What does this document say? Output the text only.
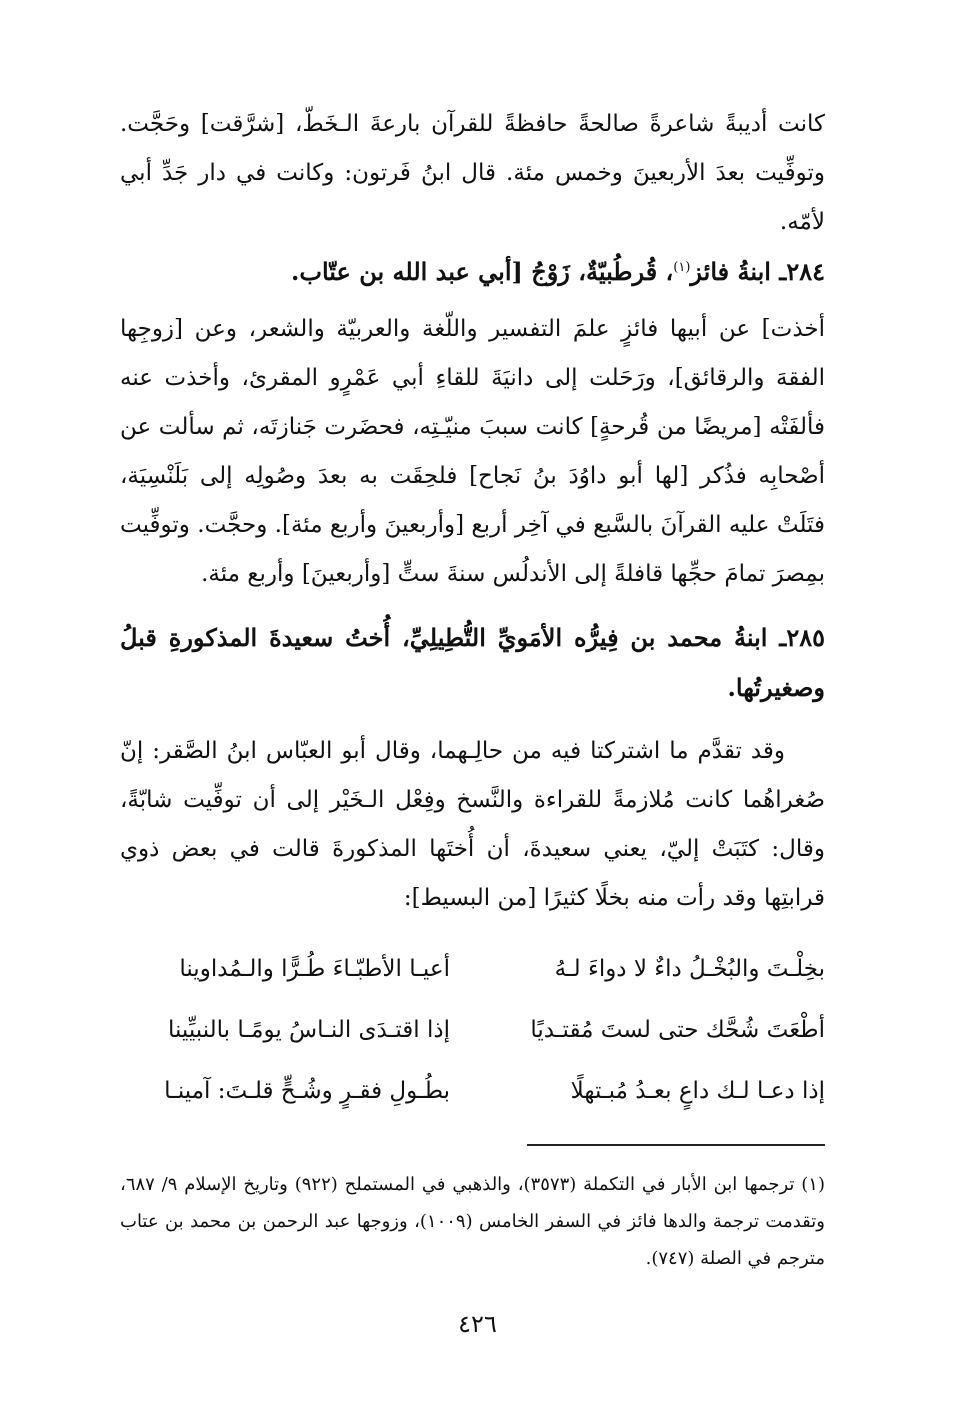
كانت أديبةً شاعرةً صالحةً حافظةً للقرآن بارعةَ الـخَطّ، [شرَّقت] وحَجَّت. وتوفِّيت بعدَ الأربعينَ وخمس مئة. قال ابنُ فَرتون: وكانت في دار جَدِّ أبي لأمّه.

٢٨٤ـ ابنةُ فائز$^{(١)}$، قُرطُبيّةٌ، زَوْجُ [أبي عبد الله بن عتّاب.

أخذت] عن أبيها فائزٍ علمَ التفسير واللّغة والعربيّة والشعر، وعن [زوجِها الفقهَ والرقائق]، ورَحَلت إلى دانيَةَ للقاءِ أبي عَمْرٍو المقرئ، وأخذت عنه فألفَتْه [مريضًا من قُرحةٍ] كانت سببَ منيّـتِه، فحضَرت جَنازتَه، ثم سألت عن أصْحابِه فذُكر [لها أبو داوُدَ بنُ نَجاح] فلحِقَت به بعدَ وصُولِه إلى بَلَنْسِيَة، فتَلَتْ عليه القرآنَ بالسَّبع في آخِر أربع [وأربعينَ وأربع مئة]. وحجَّت. وتوفِّيت بمِصرَ تمامَ حجِّها قافلةً إلى الأندلُس سنةَ ستٍّ [وأربعينَ] وأربع مئة.

٢٨٥ـ ابنةُ محمد بن فِيرُّه الأمَويِّ التُّطِيلِيِّ، أُختُ سعيدةَ المذكورةِ قبلُ وصغيرتُها.

وقد تقدَّم ما اشتركتا فيه من حالِـهما، وقال أبو العبّاس ابنُ الصَّقر: إنّ صُغراهُما كانت مُلازمةً للقراءة والنَّسخ وفِعْل الـخَيْر إلى أن توفِّيت شابّةً، وقال: كتَبَتْ إليّ، يعني سعيدةَ، أن أُختَها المذكورةَ قالت في بعض ذوي قرابتِها وقد رأت منه بخلًا كثيرًا [من البسيط]:

بخِلْـتَ والبُخْـلُ داءٌ لا دواءَ لـهُ
أعيـا الأطبّـاءَ طُـرًّا والـمُداوينا
أطْعَتَ شُحَّك حتى لستَ مُقتـديًا
إذا اقتـدَى النـاسُ يومًـا بالنبيِّينا
إذا دعـا لـك داعٍ بعـدُ مُبـتهلًا
بطُـولِ فقـرٍ وشُـحٍّ قلـتَ: آمينـا

(١) ترجمها ابن الأبار في التكملة (٣٥٧٣)، والذهبي في المستملح (٩٢٢) وتاريخ الإسلام ٩/ ٦٨٧، وتقدمت ترجمة والدها فائز في السفر الخامس (١٠٠٩)، وزوجها عبد الرحمن بن محمد بن عتاب مترجم في الصلة (٧٤٧).

٤٢٦
